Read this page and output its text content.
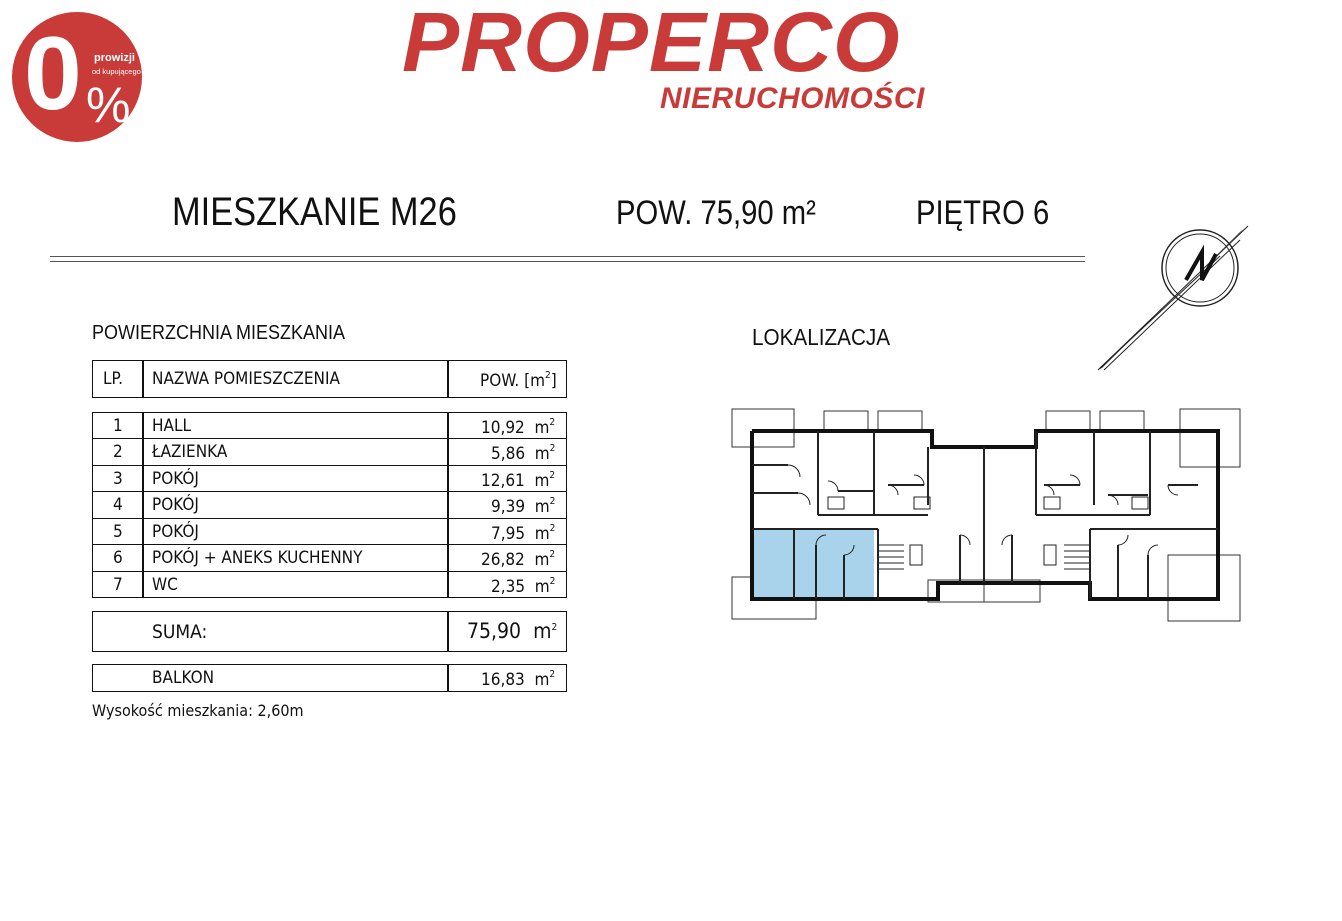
0 prowizji
od kupującego
%
PROPERCO
NIERUCHOMOŚCI
MIESZKANIE M26	POW. 75,90 m²	PIĘTRO 6
POWIERZCHNIA MIESZKANIA	LOKALIZACJA
LP. NAZWA POMIESZCZENIA	POW. $[m^2]$
1 HALL	10,92 $m^2$
2 ŁAZIENKA	5,86 $m^2$
3 POKÓJ	12,61 $m^2$
4 POKÓJ	9,39 $m^2$
5 POKÓJ	7,95 $m^2$
6 POKÓJ + ANEKS KUCHENNY	26,82 $m^2$
7 WC	2,35 $m^2$
SUMA:	75,90 $m^2$
BALKON	16,83 $m^2$
Wysokość mieszkania: 2,60m
